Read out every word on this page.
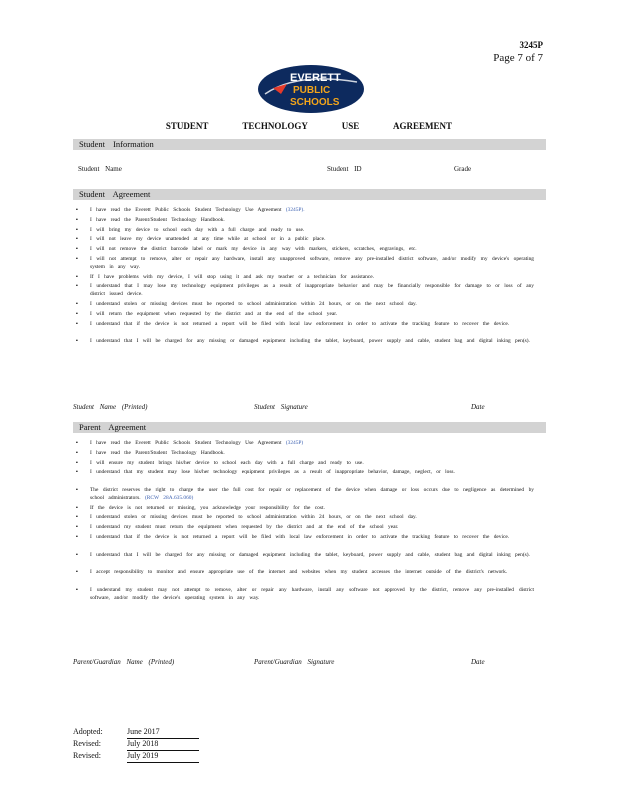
3245P
Page 7 of 7
EVERETT
PUBLIC
SCHOOLS
STUDENT TECHNOLOGY USE AGREEMENT
Student Information
Student Name	Student ID	Grade
Student Agreement
▪	I have read the Everett Public Schools Student Technology Use Agreement (3245P).
▪	I have read the Parent/Student Technology Handbook.
▪	I will bring my device to school each day with a full charge and ready to use.
▪	I will not leave my device unattended at any time while at school or in a public place.
▪	I will not remove the district barcode label or mark my device in any way with markers, stickers, scratches, engravings, etc.
▪	I will not attempt to remove, alter or repair any hardware, install any unapproved software, remove any pre-installed district software, and/or modify my device's operating system in any way.
▪	If I have problems with my device, I will stop using it and ask my teacher or a technician for assistance.
▪	I understand that I may lose my technology equipment privileges as a result of inappropriate behavior and may be financially responsible for damage to or loss of any district issued device.
▪	I understand stolen or missing devices must be reported to school administration within 24 hours, or on the next school day.
▪	I will return the equipment when requested by the district and at the end of the school year.
▪	I understand that if the device is not returned a report will be filed with local law enforcement in order to activate the tracking feature to recover the device.
▪	I understand that I will be charged for any missing or damaged equipment including the tablet, keyboard, power supply and cable, student bag and digital inking pen(s).
Student Name (Printed)	Student Signature	Date
Parent Agreement
▪	I have read the Everett Public Schools Student Technology Use Agreement (3245P)
▪	I have read the Parent/Student Technology Handbook.
▪	I will ensure my student brings his/her device to school each day with a full charge and ready to use.
▪	I understand that my student may lose his/her technology equipment privileges as a result of inappropriate behavior, damage, neglect, or loss.
▪	The district reserves the right to charge the user the full cost for repair or replacement of the device when damage or loss occurs due to negligence as determined by school administrators. (RCW 28A.635.060)
▪	If the device is not returned or missing, you acknowledge your responsibility for the cost.
▪	I understand stolen or missing devices must be reported to school administration within 24 hours, or on the next school day.
▪	I understand my student must return the equipment when requested by the district and at the end of the school year.
▪	I understand that if the device is not returned a report will be filed with local law enforcement in order to activate the tracking feature to recover the device.
▪	I understand that I will be charged for any missing or damaged equipment including the tablet, keyboard, power supply and cable, student bag and digital inking pen(s).
▪	I accept responsibility to monitor and ensure appropriate use of the internet and websites when my student accesses the internet outside of the district's network.
▪	I understand my student may not attempt to remove, alter or repair any hardware, install any software not approved by the district, remove any pre-installed district software, and/or modify the device's operating system in any way.
Parent/Guardian Name (Printed)	Parent/Guardian Signature	Date
Adopted:	June 2017
Revised:	July 2018
Revised:	July 2019
